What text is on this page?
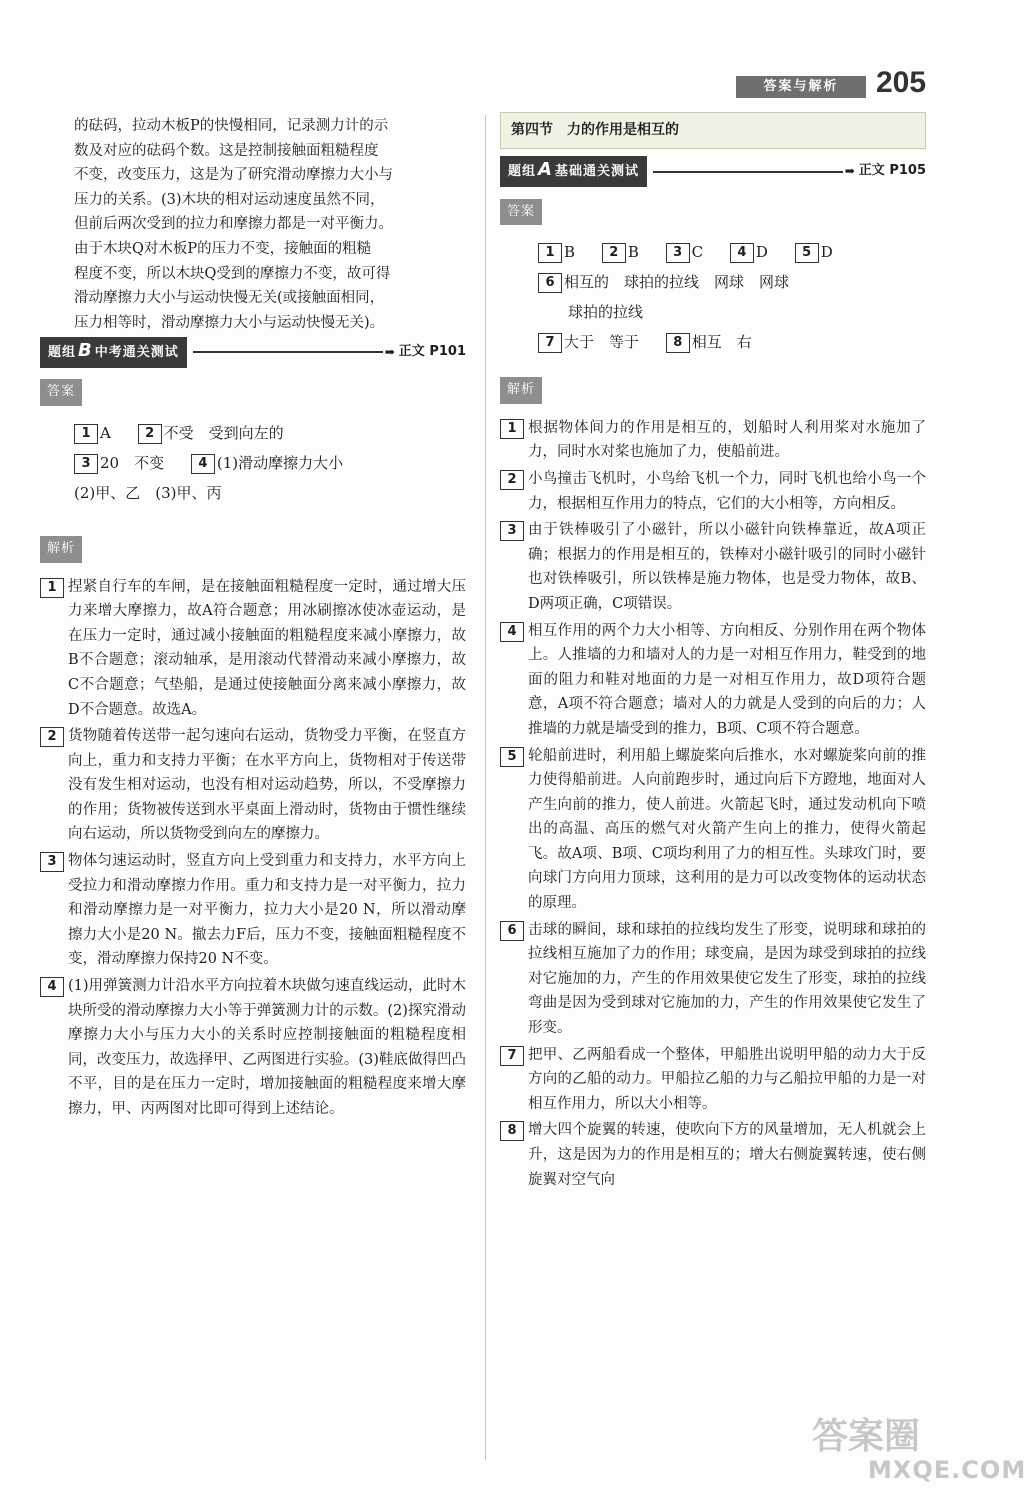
答案与解析	205

的砝码，拉动木板P的快慢相同，记录测力计的示

数及对应的砝码个数。这是控制接触面粗糙程度

不变，改变压力，这是为了研究滑动摩擦力大小与

压力的关系。(3)木块的相对运动速度虽然不同，

但前后两次受到的拉力和摩擦力都是一对平衡力。

由于木块Q对木板P的压力不变，接触面的粗糙

程度不变，所以木块Q受到的摩擦力不变，故可得

滑动摩擦力大小与运动快慢无关(或接触面相同，

压力相等时，滑动摩擦力大小与运动快慢无关)。

题组 B 中考通关测试	➡ 正文 P101
答案
1 A	2 不受　受到向左的
3 20　不变	4 (1)滑动摩擦力大小
(2)甲、乙　(3)甲、丙
解析
1 捏紧自行车的车闸，是在接触面粗糙程度一定时，通过增大压力来增大摩擦力，故A符合题意；用冰刷擦冰使冰壶运动，是在压力一定时，通过减小接触面的粗糙程度来减小摩擦力，故B不合题意；滚动轴承，是用滚动代替滑动来减小摩擦力，故C不合题意；气垫船，是通过使接触面分离来减小摩擦力，故D不合题意。故选A。
2 货物随着传送带一起匀速向右运动，货物受力平衡，在竖直方向上，重力和支持力平衡；在水平方向上，货物相对于传送带没有发生相对运动，也没有相对运动趋势，所以，不受摩擦力的作用；货物被传送到水平桌面上滑动时，货物由于惯性继续向右运动，所以货物受到向左的摩擦力。
3 物体匀速运动时，竖直方向上受到重力和支持力，水平方向上受拉力和滑动摩擦力作用。重力和支持力是一对平衡力，拉力和滑动摩擦力是一对平衡力，拉力大小是20 N，所以滑动摩擦力大小是20 N。撤去力F后，压力不变，接触面粗糙程度不变，滑动摩擦力保持20 N不变。
4 (1)用弹簧测力计沿水平方向拉着木块做匀速直线运动，此时木块所受的滑动摩擦力大小等于弹簧测力计的示数。(2)探究滑动摩擦力大小与压力大小的关系时应控制接触面的粗糙程度相同，改变压力，故选择甲、乙两图进行实验。(3)鞋底做得凹凸不平，目的是在压力一定时，增加接触面的粗糙程度来增大摩擦力，甲、丙两图对比即可得到上述结论。
第四节　力的作用是相互的
题组 A 基础通关测试	➡ 正文 P105
答案
1 B	2 B	3 C	4 D	5 D
6 相互的　球拍的拉线　网球　网球
球拍的拉线
7 大于　等于	8 相互　右
解析
1 根据物体间力的作用是相互的，划船时人利用桨对水施加了力，同时水对桨也施加了力，使船前进。
2 小鸟撞击飞机时，小鸟给飞机一个力，同时飞机也给小鸟一个力，根据相互作用力的特点，它们的大小相等，方向相反。
3 由于铁棒吸引了小磁针，所以小磁针向铁棒靠近，故A项正确；根据力的作用是相互的，铁棒对小磁针吸引的同时小磁针也对铁棒吸引，所以铁棒是施力物体，也是受力物体，故B、D两项正确，C项错误。
4 相互作用的两个力大小相等、方向相反、分别作用在两个物体上。人推墙的力和墙对人的力是一对相互作用力，鞋受到的地面的阻力和鞋对地面的力是一对相互作用力，故D项符合题意，A项不符合题意；墙对人的力就是人受到的向后的力；人推墙的力就是墙受到的推力，B项、C项不符合题意。
5 轮船前进时，利用船上螺旋桨向后推水，水对螺旋桨向前的推力使得船前进。人向前跑步时，通过向后下方蹬地，地面对人产生向前的推力，使人前进。火箭起飞时，通过发动机向下喷出的高温、高压的燃气对火箭产生向上的推力，使得火箭起飞。故A项、B项、C项均利用了力的相互性。头球攻门时，要向球门方向用力顶球，这利用的是力可以改变物体的运动状态的原理。
6 击球的瞬间，球和球拍的拉线均发生了形变，说明球和球拍的拉线相互施加了力的作用；球变扁，是因为球受到球拍的拉线对它施加的力，产生的作用效果使它发生了形变，球拍的拉线弯曲是因为受到球对它施加的力，产生的作用效果使它发生了形变。
7 把甲、乙两船看成一个整体，甲船胜出说明甲船的动力大于反方向的乙船的动力。甲船拉乙船的力与乙船拉甲船的力是一对相互作用力，所以大小相等。
8 增大四个旋翼的转速，使吹向下方的风量增加，无人机就会上升，这是因为力的作用是相互的；增大右侧旋翼转速，使右侧旋翼对空气向
答案圈
MXQE.COM
